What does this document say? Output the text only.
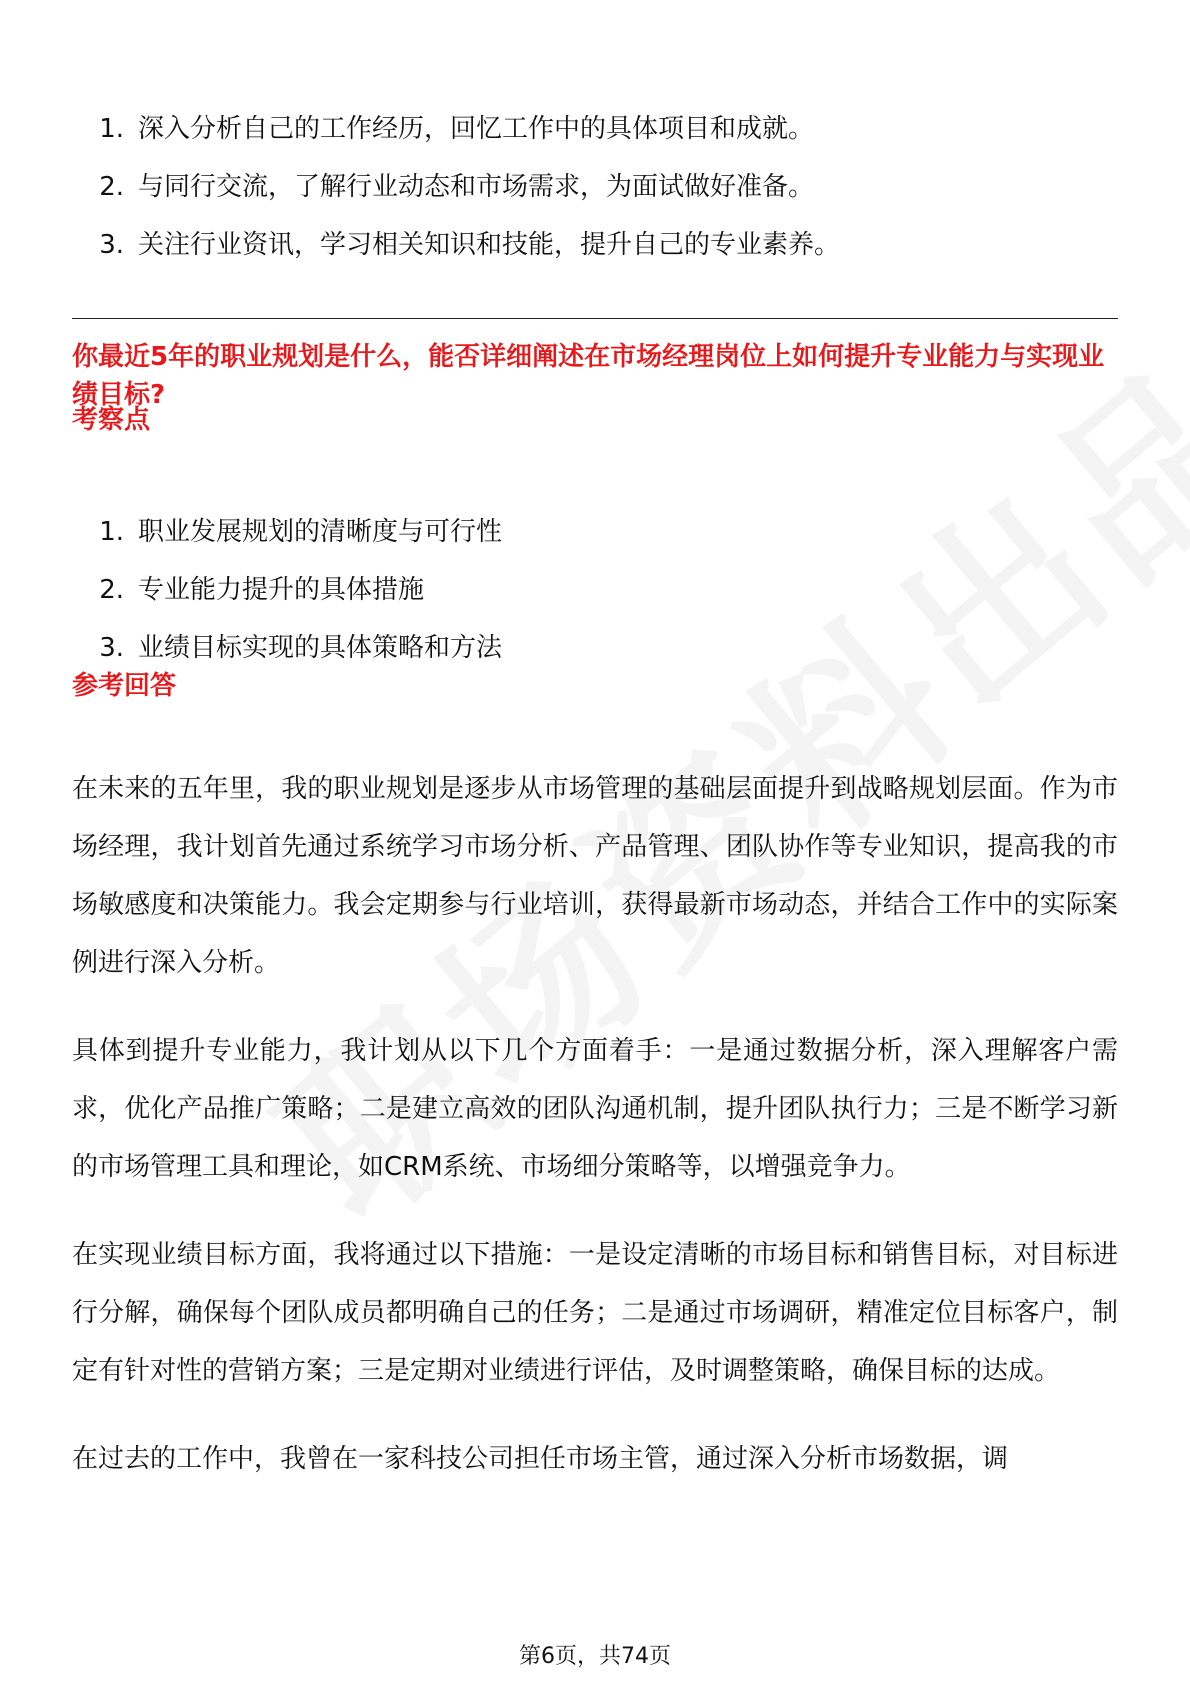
1. 深入分析自己的工作经历，回忆工作中的具体项目和成就。
2. 与同行交流，了解行业动态和市场需求，为面试做好准备。
3. 关注行业资讯，学习相关知识和技能，提升自己的专业素养。
你最近5年的职业规划是什么，能否详细阐述在市场经理岗位上如何提升专业能力与实现业绩目标?
考察点
1. 职业发展规划的清晰度与可行性
2. 专业能力提升的具体措施
3. 业绩目标实现的具体策略和方法
参考回答

在未来的五年里，我的职业规划是逐步从市场管理的基础层面提升到战略规划层面。作为市场经理，我计划首先通过系统学习市场分析、产品管理、团队协作等专业知识，提高我的市场敏感度和决策能力。我会定期参与行业培训，获得最新市场动态，并结合工作中的实际案例进行深入分析。

具体到提升专业能力，我计划从以下几个方面着手：一是通过数据分析，深入理解客户需求，优化产品推广策略；二是建立高效的团队沟通机制，提升团队执行力；三是不断学习新的市场管理工具和理论，如CRM系统、市场细分策略等，以增强竞争力。

在实现业绩目标方面，我将通过以下措施：一是设定清晰的市场目标和销售目标，对目标进行分解，确保每个团队成员都明确自己的任务；二是通过市场调研，精准定位目标客户，制定有针对性的营销方案；三是定期对业绩进行评估，及时调整策略，确保目标的达成。

在过去的工作中，我曾在一家科技公司担任市场主管，通过深入分析市场数据，调

第6页，共74页
